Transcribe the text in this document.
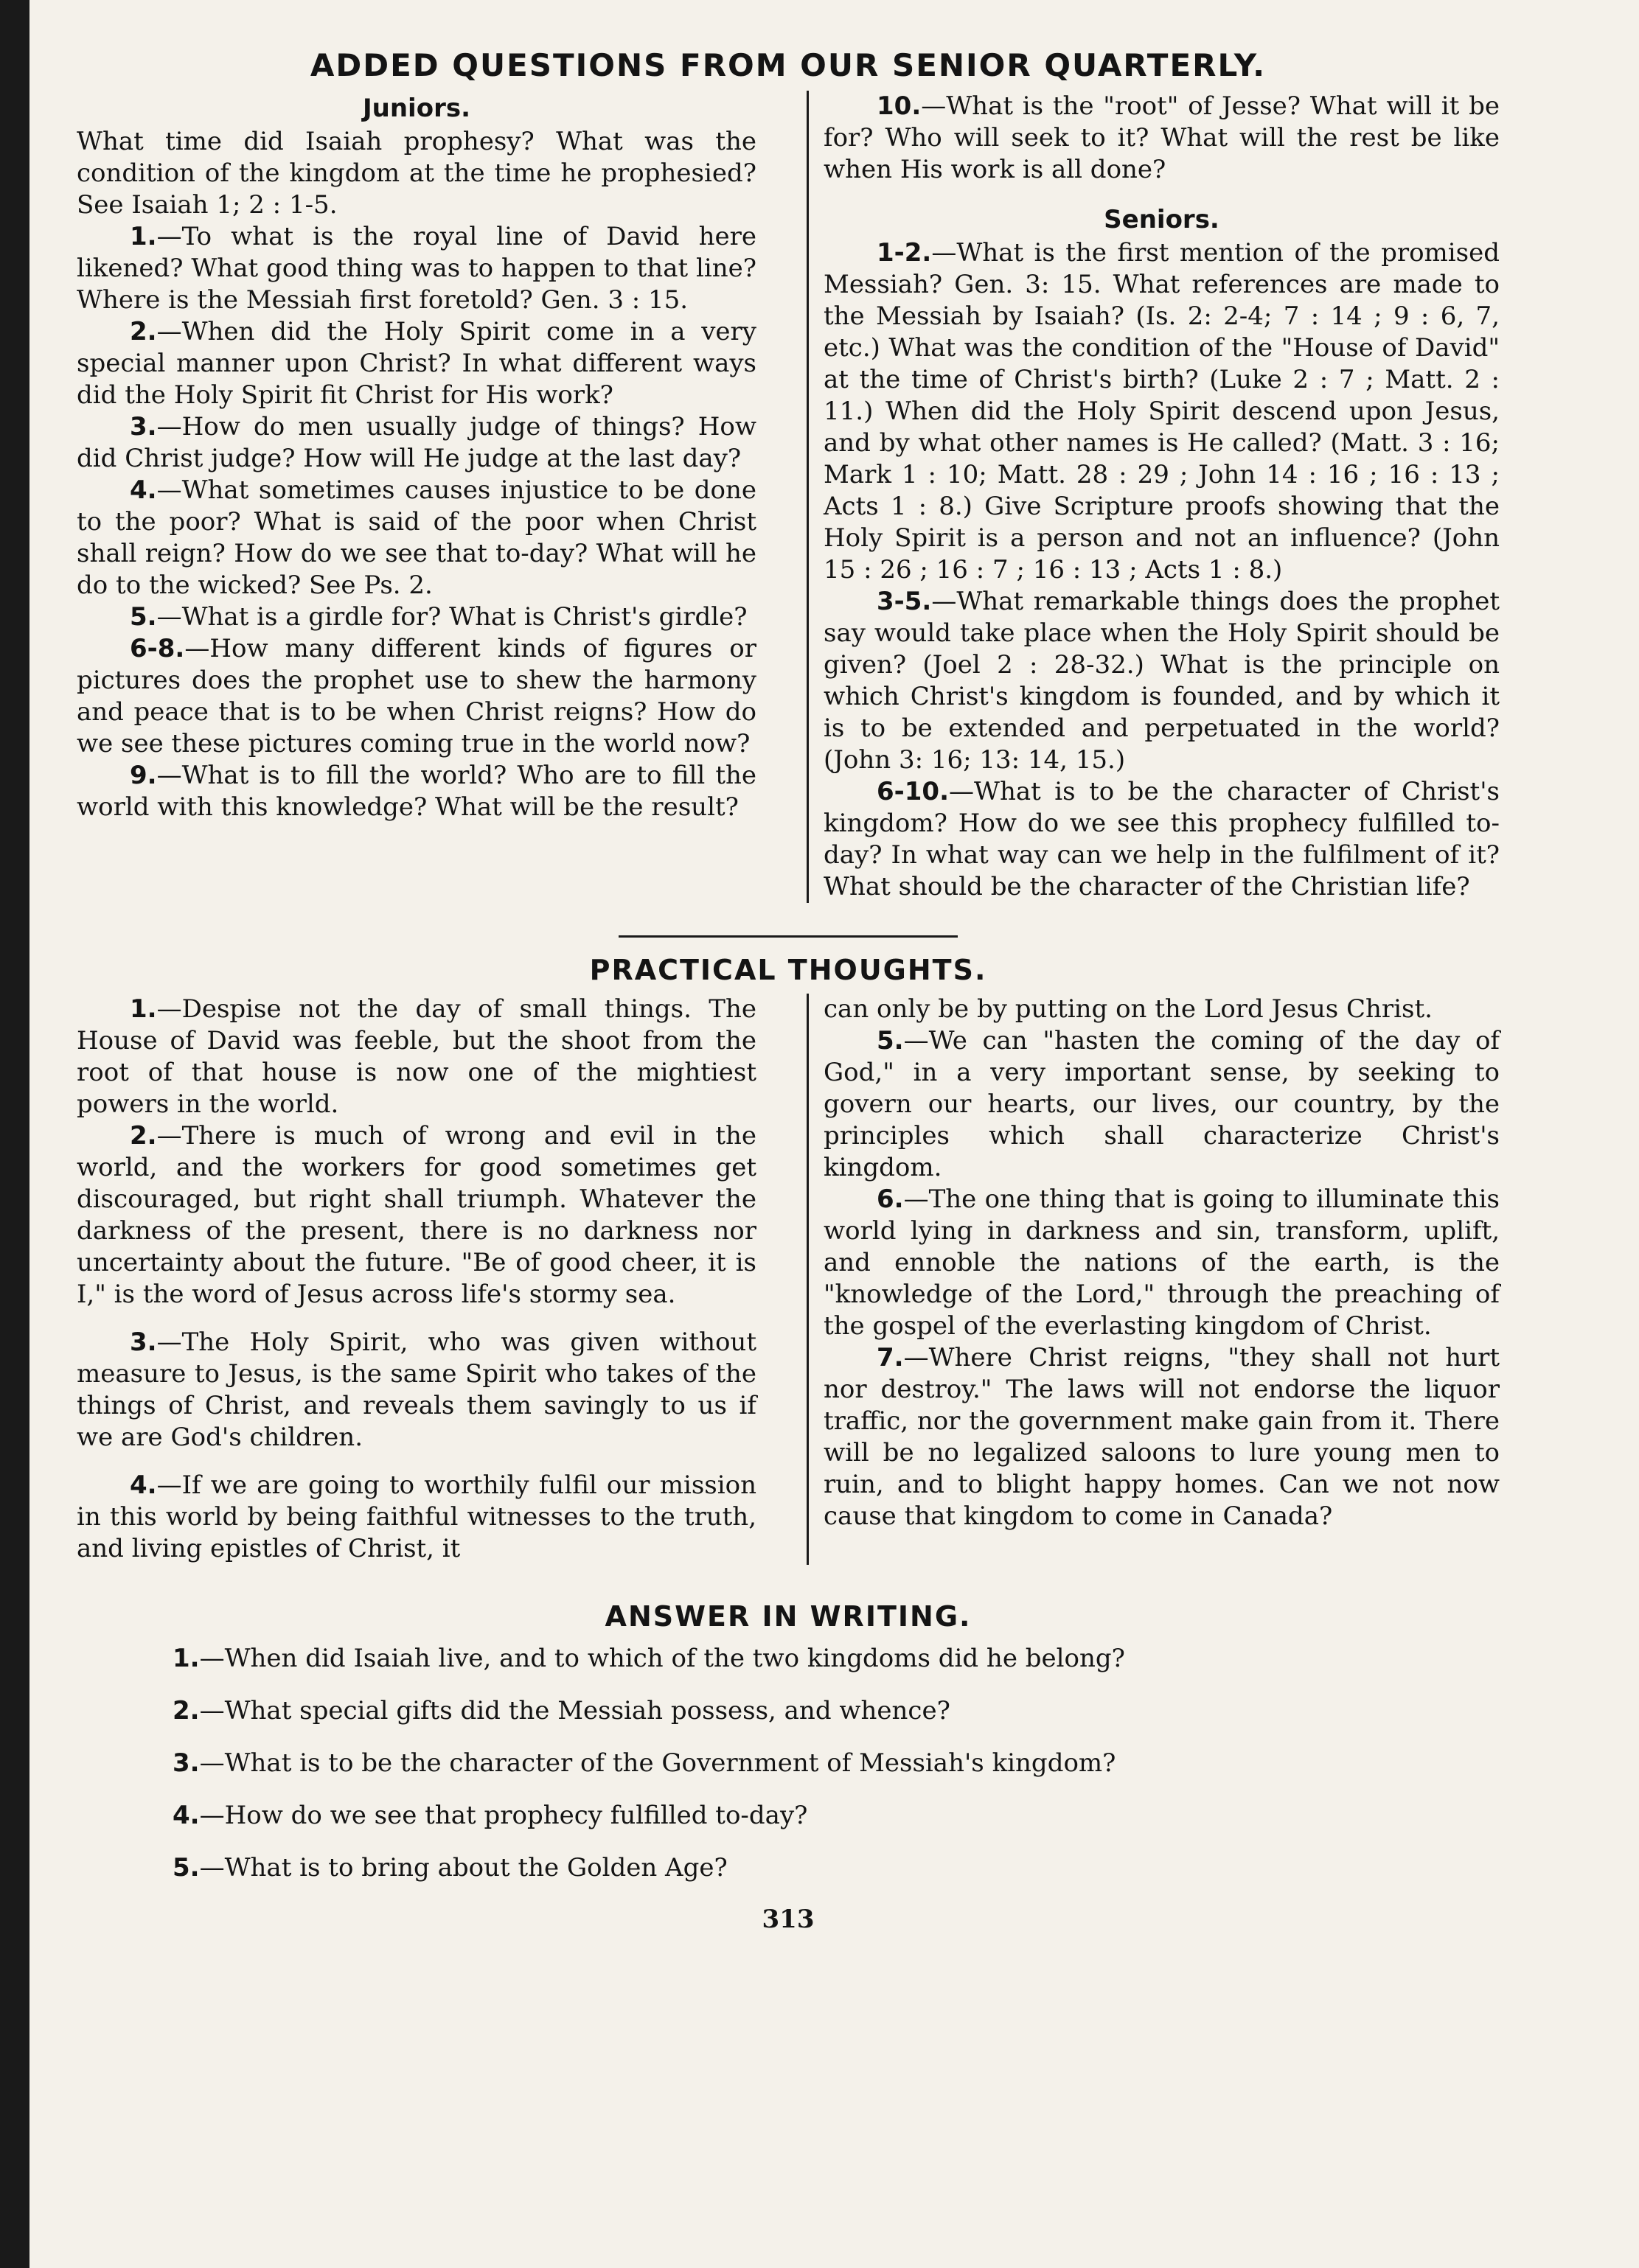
ADDED QUESTIONS FROM OUR SENIOR QUARTERLY.
Juniors.

What time did Isaiah prophesy? What was the condition of the kingdom at the time he prophesied? See Isaiah 1; 2 : 1-5.

1.—To what is the royal line of David here likened? What good thing was to happen to that line? Where is the Messiah first foretold? Gen. 3 : 15.

2.—When did the Holy Spirit come in a very special manner upon Christ? In what different ways did the Holy Spirit fit Christ for His work?

3.—How do men usually judge of things? How did Christ judge? How will He judge at the last day?

4.—What sometimes causes injustice to be done to the poor? What is said of the poor when Christ shall reign? How do we see that to-day? What will he do to the wicked? See Ps. 2.

5.—What is a girdle for? What is Christ's girdle?

6-8.—How many different kinds of figures or pictures does the prophet use to shew the harmony and peace that is to be when Christ reigns? How do we see these pictures coming true in the world now?

9.—What is to fill the world? Who are to fill the world with this knowledge? What will be the result?

10.—What is the "root" of Jesse? What will it be for? Who will seek to it? What will the rest be like when His work is all done?

Seniors.

1-2.—What is the first mention of the promised Messiah? Gen. 3: 15. What references are made to the Messiah by Isaiah? (Is. 2: 2-4; 7 : 14 ; 9 : 6, 7, etc.) What was the condition of the "House of David" at the time of Christ's birth? (Luke 2 : 7 ; Matt. 2 : 11.) When did the Holy Spirit descend upon Jesus, and by what other names is He called? (Matt. 3 : 16; Mark 1 : 10; Matt. 28 : 29 ; John 14 : 16 ; 16 : 13 ; Acts 1 : 8.) Give Scripture proofs showing that the Holy Spirit is a person and not an influence? (John 15 : 26 ; 16 : 7 ; 16 : 13 ; Acts 1 : 8.)

3-5.—What remarkable things does the prophet say would take place when the Holy Spirit should be given? (Joel 2 : 28-32.) What is the principle on which Christ's kingdom is founded, and by which it is to be extended and perpetuated in the world? (John 3: 16; 13: 14, 15.)

6-10.—What is to be the character of Christ's kingdom? How do we see this prophecy fulfilled to-day? In what way can we help in the fulfilment of it? What should be the character of the Christian life?

PRACTICAL THOUGHTS.

1.—Despise not the day of small things. The House of David was feeble, but the shoot from the root of that house is now one of the mightiest powers in the world.

2.—There is much of wrong and evil in the world, and the workers for good sometimes get discouraged, but right shall triumph. Whatever the darkness of the present, there is no darkness nor uncertainty about the future. "Be of good cheer, it is I," is the word of Jesus across life's stormy sea.

3.—The Holy Spirit, who was given without measure to Jesus, is the same Spirit who takes of the things of Christ, and reveals them savingly to us if we are God's children.

4.—If we are going to worthily fulfil our mission in this world by being faithful witnesses to the truth, and living epistles of Christ, it

can only be by putting on the Lord Jesus Christ.

5.—We can "hasten the coming of the day of God," in a very important sense, by seeking to govern our hearts, our lives, our country, by the principles which shall characterize Christ's kingdom.

6.—The one thing that is going to illuminate this world lying in darkness and sin, transform, uplift, and ennoble the nations of the earth, is the "knowledge of the Lord," through the preaching of the gospel of the everlasting kingdom of Christ.

7.—Where Christ reigns, "they shall not hurt nor destroy." The laws will not endorse the liquor traffic, nor the government make gain from it. There will be no legalized saloons to lure young men to ruin, and to blight happy homes. Can we not now cause that kingdom to come in Canada?

ANSWER IN WRITING.

1.—When did Isaiah live, and to which of the two kingdoms did he belong?

2.—What special gifts did the Messiah possess, and whence?

3.—What is to be the character of the Government of Messiah's kingdom?

4.—How do we see that prophecy fulfilled to-day?

5.—What is to bring about the Golden Age?

313
